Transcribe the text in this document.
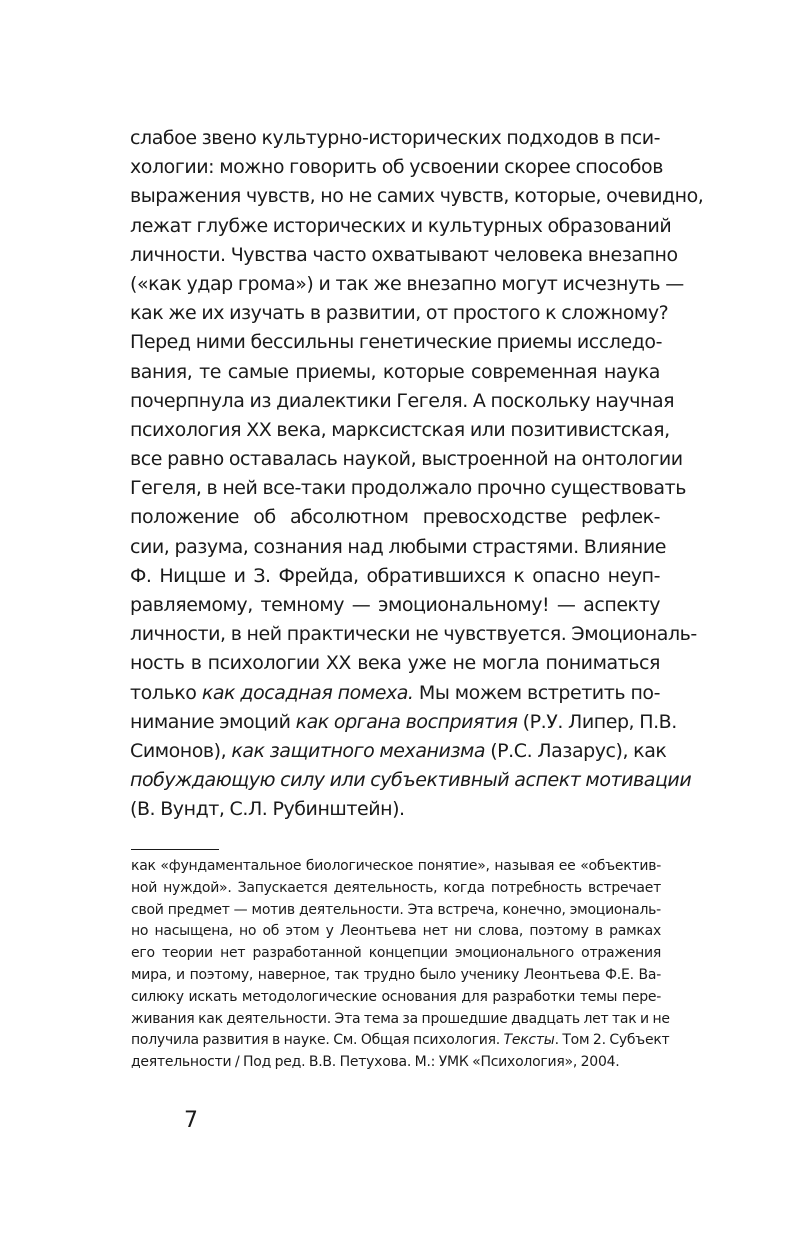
слабое звено культурно-исторических подходов в пси-
хологии: можно говорить об усвоении скорее способов
выражения чувств, но не самих чувств, которые, очевидно,
лежат глубже исторических и культурных образований
личности. Чувства часто охватывают человека внезапно
(«как удар грома») и так же внезапно могут исчезнуть —
как же их изучать в развитии, от простого к сложному?
Перед ними бессильны генетические приемы исследо-
вания, те самые приемы, которые современная наука
почерпнула из диалектики Гегеля. А поскольку научная
психология XX века, марксистская или позитивистская,
все равно оставалась наукой, выстроенной на онтологии
Гегеля, в ней все-таки продолжало прочно существовать
положение об абсолютном превосходстве рефлек-
сии, разума, сознания над любыми страстями. Влияние
Ф. Ницше и З. Фрейда, обратившихся к опасно неуп-
равляемому, темному — эмоциональному! — аспекту
личности, в ней практически не чувствуется. Эмоциональ-
ность в психологии XX века уже не могла пониматься
только как досадная помеха. Мы можем встретить по-
нимание эмоций как органа восприятия (Р.У. Липер, П.В.
Симонов), как защитного механизма (Р.С. Лазарус), как
побуждающую силу или субъективный аспект мотивации
(В. Вундт, С.Л. Рубинштейн).
как «фундаментальное биологическое понятие», называя ее «объектив-
ной нуждой». Запускается деятельность, когда потребность встречает
свой предмет — мотив деятельности. Эта встреча, конечно, эмоциональ-
но насыщена, но об этом у Леонтьева нет ни слова, поэтому в рамках
его теории нет разработанной концепции эмоционального отражения
мира, и поэтому, наверное, так трудно было ученику Леонтьева Ф.Е. Ва-
силюку искать методологические основания для разработки темы пере-
живания как деятельности. Эта тема за прошедшие двадцать лет так и не
получила развития в науке. См. Общая психология. Тексты. Том 2. Субъект
деятельности / Под ред. В.В. Петухова. М.: УМК «Психология», 2004.
7
